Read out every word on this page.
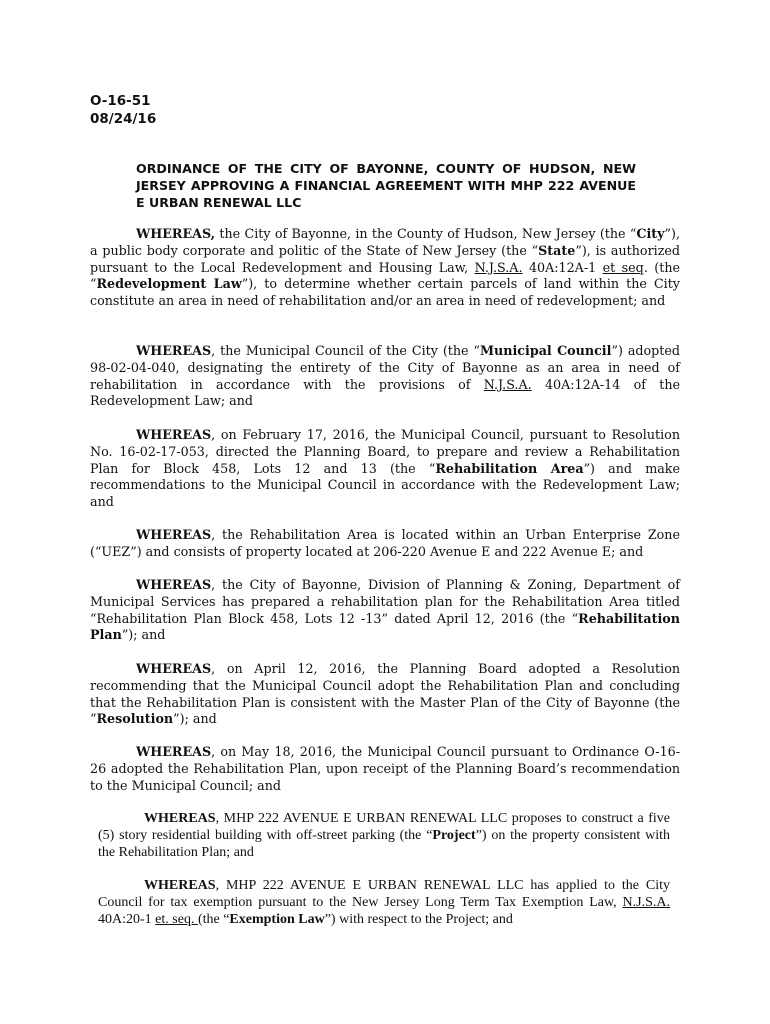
O-16-51
08/24/16
ORDINANCE OF THE CITY OF BAYONNE, COUNTY OF HUDSON, NEW JERSEY APPROVING A FINANCIAL AGREEMENT WITH MHP 222 AVENUE E URBAN RENEWAL LLC

WHEREAS, the City of Bayonne, in the County of Hudson, New Jersey (the “City”), a public body corporate and politic of the State of New Jersey (the “State”), is authorized pursuant to the Local Redevelopment and Housing Law, N.J.S.A. 40A:12A-1 et seq. (the “Redevelopment Law”), to determine whether certain parcels of land within the City constitute an area in need of rehabilitation and/or an area in need of redevelopment; and

WHEREAS, the Municipal Council of the City (the “Municipal Council”) adopted 98-02-04-040, designating the entirety of the City of Bayonne as an area in need of rehabilitation in accordance with the provisions of N.J.S.A. 40A:12A-14 of the Redevelopment Law; and

WHEREAS, on February 17, 2016, the Municipal Council, pursuant to Resolution No. 16-02-17-053, directed the Planning Board, to prepare and review a Rehabilitation Plan for Block 458, Lots 12 and 13 (the “Rehabilitation Area”) and make recommendations to the Municipal Council in accordance with the Redevelopment Law; and

WHEREAS, the Rehabilitation Area is located within an Urban Enterprise Zone (“UEZ”) and consists of property located at 206-220 Avenue E and 222 Avenue E; and

WHEREAS, the City of Bayonne, Division of Planning & Zoning, Department of Municipal Services has prepared a rehabilitation plan for the Rehabilitation Area titled “Rehabilitation Plan Block 458, Lots 12 -13” dated April 12, 2016 (the “Rehabilitation Plan”); and

WHEREAS, on April 12, 2016, the Planning Board adopted a Resolution recommending that the Municipal Council adopt the Rehabilitation Plan and concluding that the Rehabilitation Plan is consistent with the Master Plan of the City of Bayonne (the “Resolution”); and

WHEREAS, on May 18, 2016, the Municipal Council pursuant to Ordinance O-16-26 adopted the Rehabilitation Plan, upon receipt of the Planning Board’s recommendation to the Municipal Council; and

WHEREAS, MHP 222 AVENUE E URBAN RENEWAL LLC proposes to construct a five (5) story residential building with off-street parking (the “Project”) on the property consistent with the Rehabilitation Plan; and

WHEREAS, MHP 222 AVENUE E URBAN RENEWAL LLC has applied to the City Council for tax exemption pursuant to the New Jersey Long Term Tax Exemption Law, N.J.S.A. 40A:20-1 et. seq. (the “Exemption Law”) with respect to the Project; and
